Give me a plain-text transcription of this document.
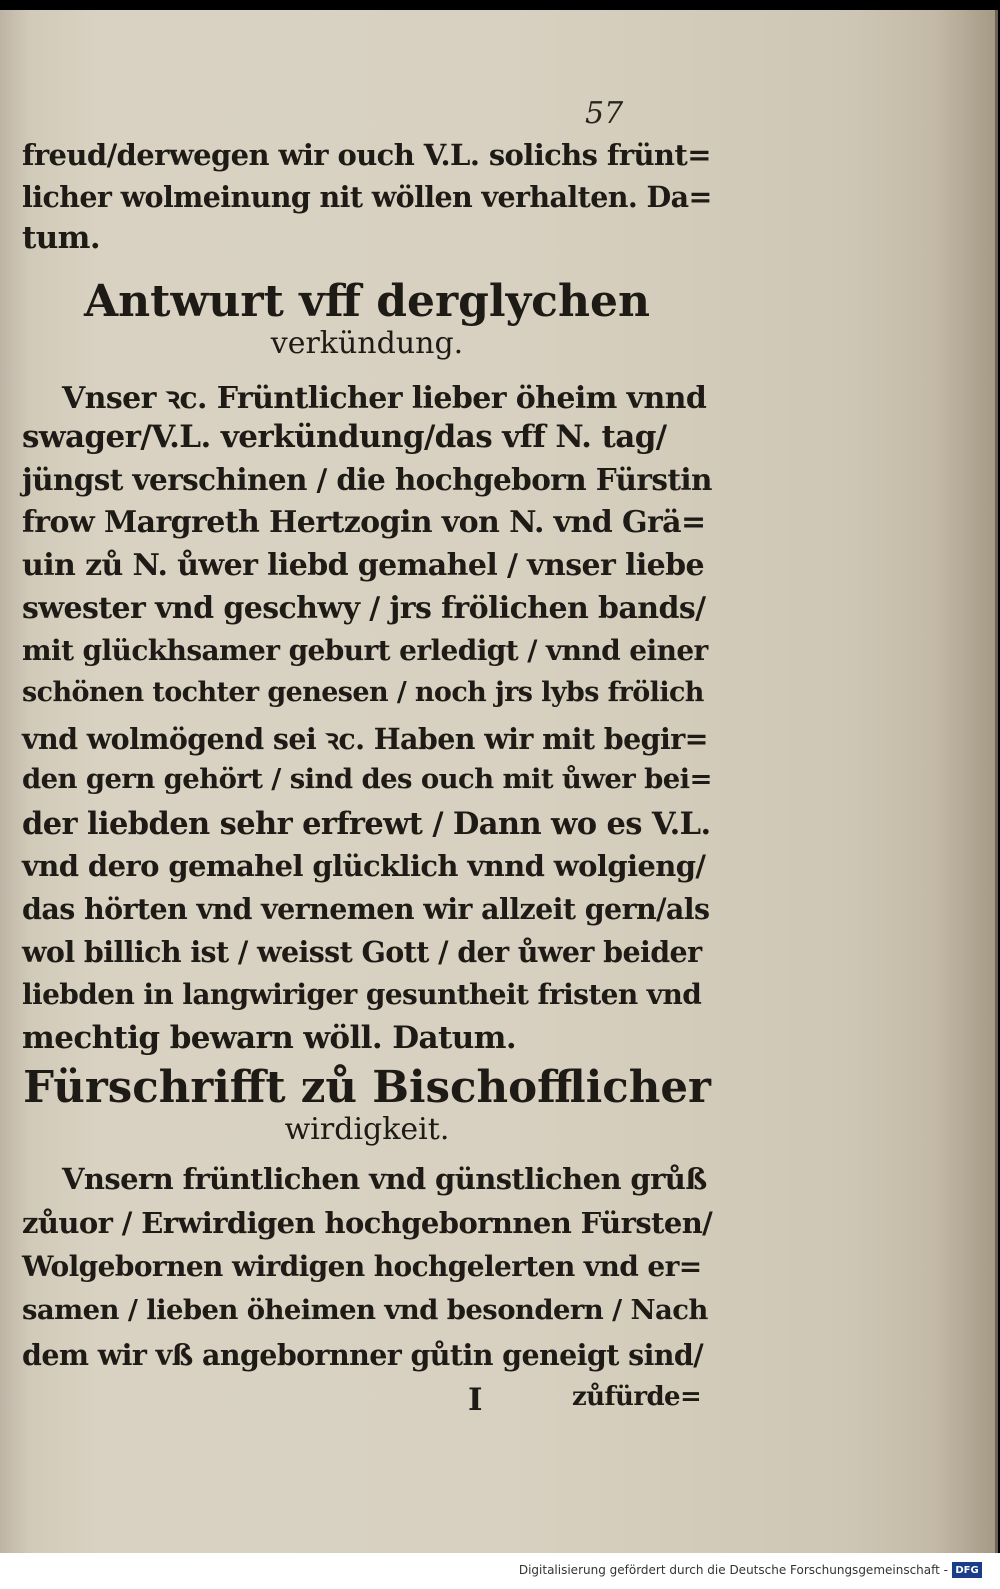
57
freud/derwegen wir ouch V.L. solichs frünt=
licher wolmeinung nit wöllen verhalten. Da=
tum.
Antwurt vff derglychen
verkündung.
Vnser ꝛc. Früntlicher lieber öheim vnnd
swager/V.L. verkündung/das vff N. tag/
jüngst verschinen / die hochgeborn Fürstin
frow Margreth Hertzogin von N. vnd Grä=
uin zů N. ůwer liebd gemahel / vnser liebe
swester vnd geschwy / jrs frölichen bands/
mit glückhsamer geburt erledigt / vnnd einer
schönen tochter genesen / noch jrs lybs frölich
vnd wolmögend sei ꝛc. Haben wir mit begir=
den gern gehört / sind des ouch mit ůwer bei=
der liebden sehr erfrewt / Dann wo es V.L.
vnd dero gemahel glücklich vnnd wolgieng/
das hörten vnd vernemen wir allzeit gern/als
wol billich ist / weisst Gott / der ůwer beider
liebden in langwiriger gesuntheit fristen vnd
mechtig bewarn wöll. Datum.
Fürschrifft zů Bischofflicher
wirdigkeit.
Vnsern früntlichen vnd günstlichen grůß
zůuor / Erwirdigen hochgebornnen Fürsten/
Wolgebornen wirdigen hochgelerten vnd er=
samen / lieben öheimen vnd besondern / Nach
dem wir vß angebornner gůtin geneigt sind/
I	zůfürde=
Digitalisierung gefördert durch die Deutsche Forschungsgemeinschaft - DFG
